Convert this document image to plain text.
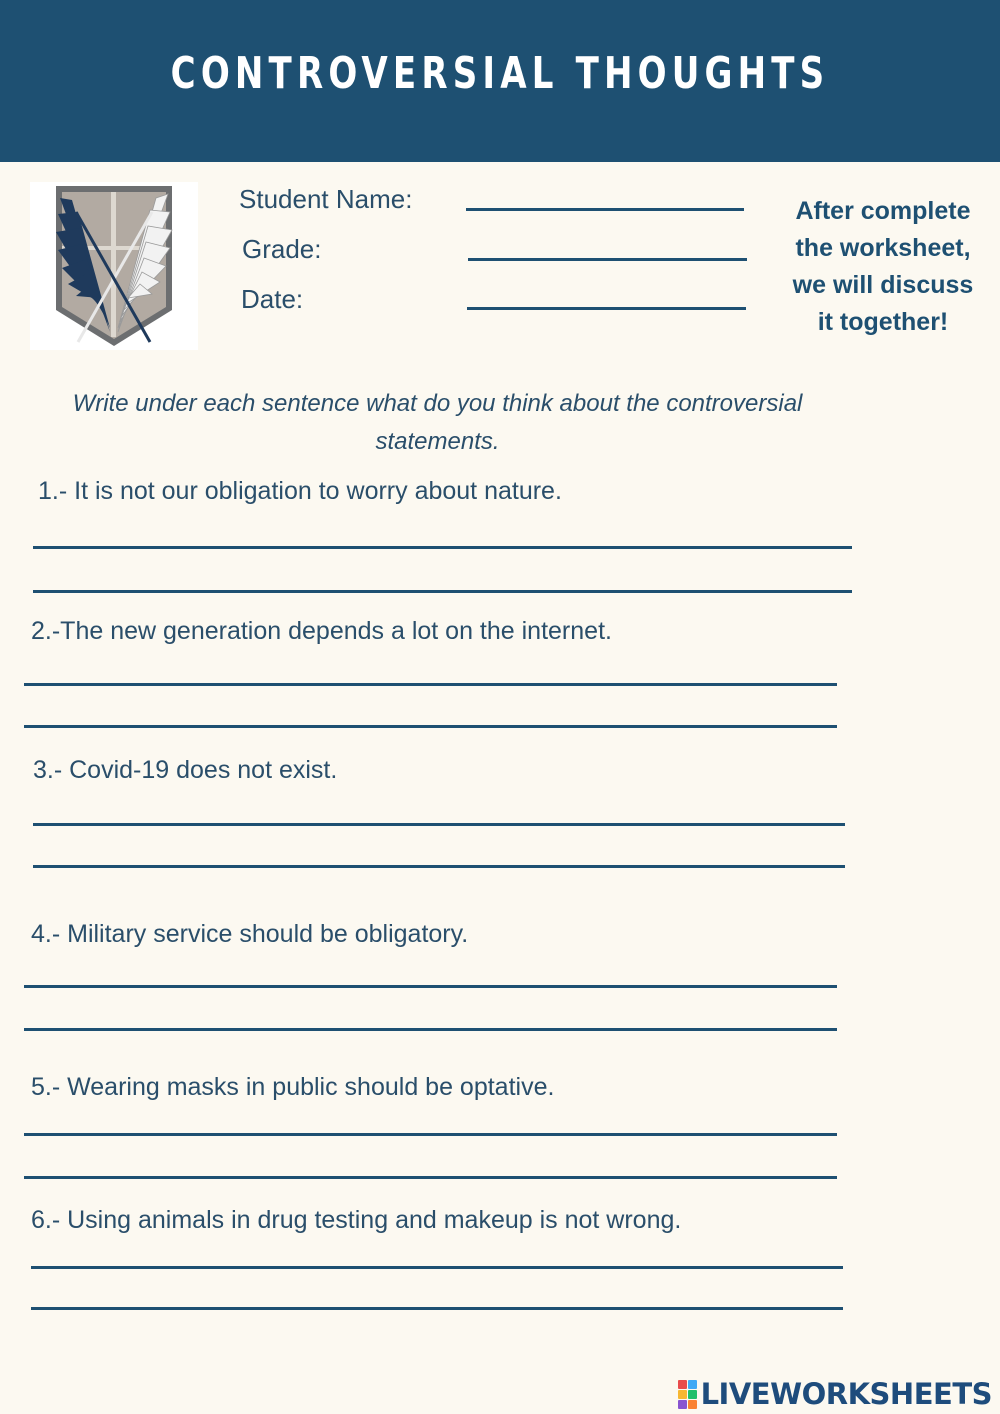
CONTROVERSIAL THOUGHTS
Student Name:
Grade:
Date:
After complete
the worksheet,
we will discuss
it together!
Write under each sentence what do you think about the controversial
statements.
1.- It is not our obligation to worry about nature.
2.-The new generation depends a lot on the internet.
3.- Covid-19 does not exist.
4.- Military service should be obligatory.
5.- Wearing masks in public should be optative.
6.- Using animals in drug testing and makeup is not wrong.
LIVEWORKSHEETS
